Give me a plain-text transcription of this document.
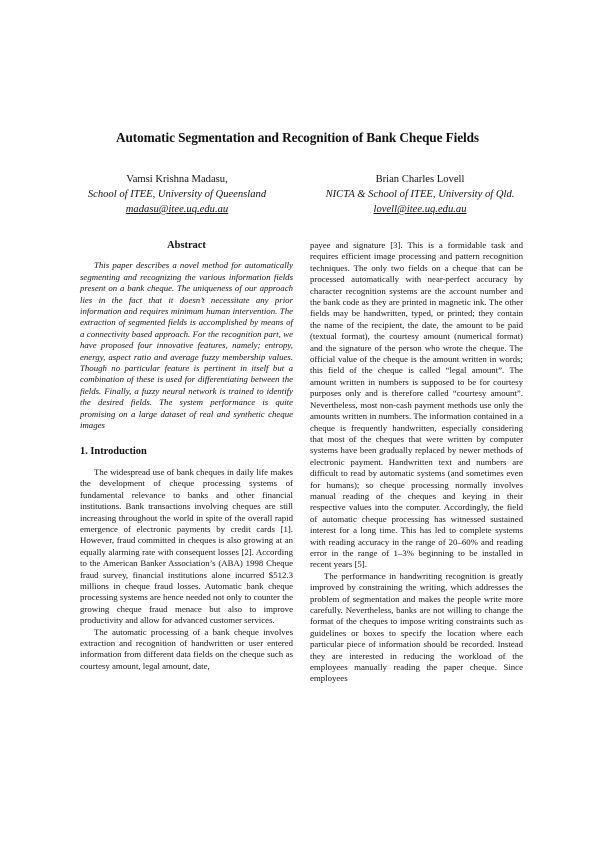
Automatic Segmentation and Recognition of Bank Cheque Fields
Vamsi Krishna Madasu,
School of ITEE, University of Queensland
madasu@itee.uq.edu.au
Brian Charles Lovell
NICTA & School of ITEE, University of Qld.
lovell@itee.uq.edu.au
Abstract

This paper describes a novel method for automatically segmenting and recognizing the various information fields present on a bank cheque. The uniqueness of our approach lies in the fact that it doesn’t necessitate any prior information and requires minimum human intervention. The extraction of segmented fields is accomplished by means of a connectivity based approach. For the recognition part, we have proposed four innovative features, namely; entropy, energy, aspect ratio and average fuzzy membership values. Though no particular feature is pertinent in itself but a combination of these is used for differentiating between the fields. Finally, a fuzzy neural network is trained to identify the desired fields. The system performance is quite promising on a large dataset of real and synthetic cheque images

1. Introduction

The widespread use of bank cheques in daily life makes the development of cheque processing systems of fundamental relevance to banks and other financial institutions. Bank transactions involving cheques are still increasing throughout the world in spite of the overall rapid emergence of electronic payments by credit cards [1]. However, fraud committed in cheques is also growing at an equally alarming rate with consequent losses [2]. According to the American Banker Association’s (ABA) 1998 Cheque fraud survey, financial institutions alone incurred $512.3 millions in cheque fraud losses. Automatic bank cheque processing systems are hence needed not only to counter the growing cheque fraud menace but also to improve productivity and allow for advanced customer services.

The automatic processing of a bank cheque involves extraction and recognition of handwritten or user entered information from different data fields on the cheque such as courtesy amount, legal amount, date,

payee and signature [3]. This is a formidable task and requires efficient image processing and pattern recognition techniques. The only two fields on a cheque that can be processed automatically with near-perfect accuracy by character recognition systems are the account number and the bank code as they are printed in magnetic ink. The other fields may be handwritten, typed, or printed; they contain the name of the recipient, the date, the amount to be paid (textual format), the courtesy amount (numerical format) and the signature of the person who wrote the cheque. The official value of the cheque is the amount written in words; this field of the cheque is called “legal amount”. The amount written in numbers is supposed to be for courtesy purposes only and is therefore called “courtesy amount”. Nevertheless, most non-cash payment methods use only the amounts written in numbers. The information contained in a cheque is frequently handwritten, especially considering that most of the cheques that were written by computer systems have been gradually replaced by newer methods of electronic payment. Handwritten text and numbers are difficult to read by automatic systems (and sometimes even for humans); so cheque processing normally involves manual reading of the cheques and keying in their respective values into the computer. Accordingly, the field of automatic cheque processing has witnessed sustained interest for a long time. This has led to complete systems with reading accuracy in the range of 20–60% and reading error in the range of 1–3% beginning to be installed in recent years [5].

The performance in handwriting recognition is greatly improved by constraining the writing, which addresses the problem of segmentation and makes the people write more carefully. Nevertheless, banks are not willing to change the format of the cheques to impose writing constraints such as guidelines or boxes to specify the location where each particular piece of information should be recorded. Instead they are interested in reducing the workload of the employees manually reading the paper cheque. Since employees
